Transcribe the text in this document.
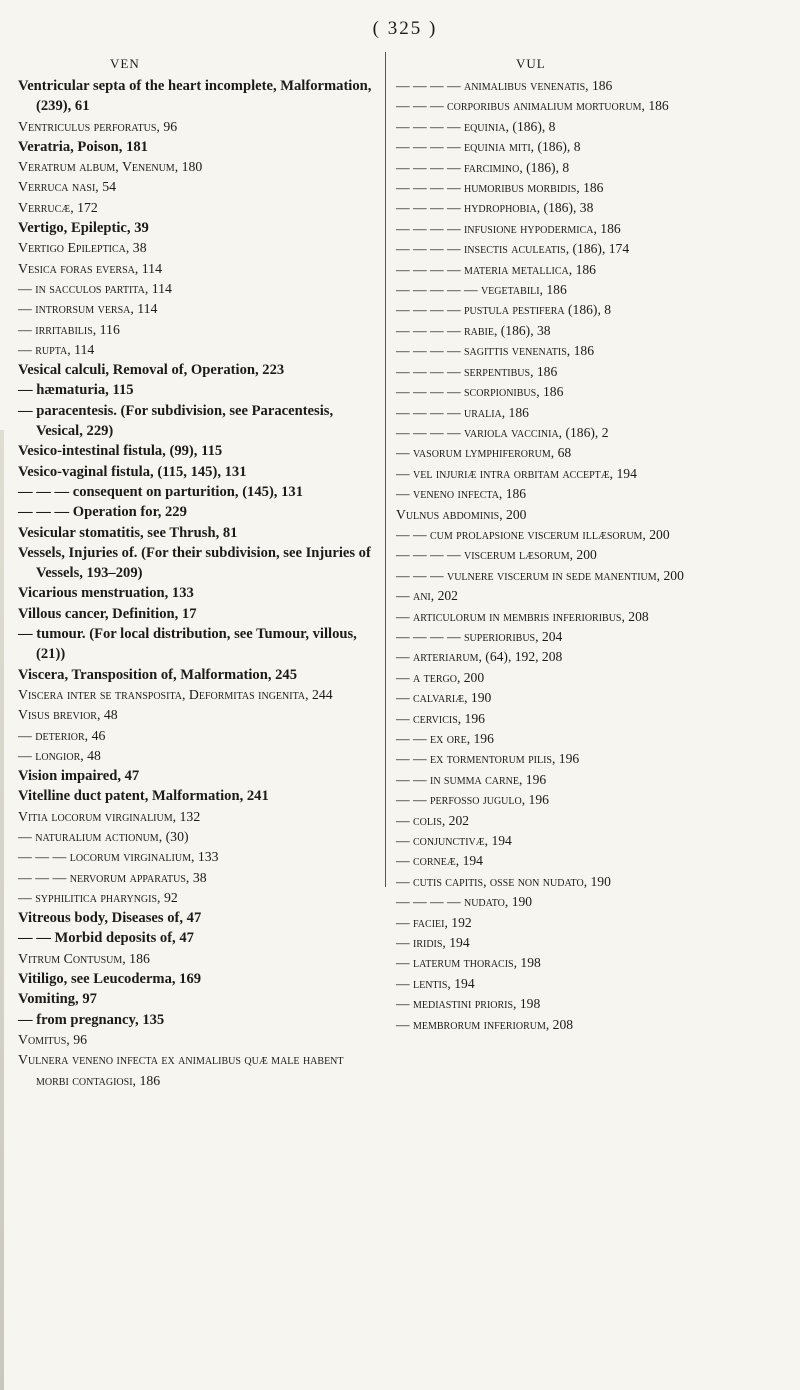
( 325 )
VEN
Ventricular septa of the heart incomplete, Malformation, (239), 61
Ventriculus perforatus, 96
Veratria, Poison, 181
Veratrum album, Venenum, 180
Verruca nasi, 54
Verrucæ, 172
Vertigo, Epileptic, 39
Vertigo Epileptica, 38
Vesica foras eversa, 114
— in sacculos partita, 114
— introrsum versa, 114
— irritabilis, 116
— rupta, 114
Vesical calculi, Removal of, Operation, 223
— hæmaturia, 115
— paracentesis. (For subdivision, see Paracentesis, Vesical, 229)
Vesico-intestinal fistula, (99), 115
Vesico-vaginal fistula, (115, 145), 131
— — — consequent on parturition, (145), 131
— — — Operation for, 229
Vesicular stomatitis, see Thrush, 81
Vessels, Injuries of. (For their subdivision, see Injuries of Vessels, 193–209)
Vicarious menstruation, 133
Villous cancer, Definition, 17
— tumour. (For local distribution, see Tumour, villous, (21))
Viscera, Transposition of, Malformation, 245
Viscera inter se transposita, Deformitas ingenita, 244
Visus brevior, 48
— deterior, 46
— longior, 48
Vision impaired, 47
Vitelline duct patent, Malformation, 241
Vitia locorum virginalium, 132
— naturalium actionum, (30)
— — — locorum virginalium, 133
— — — nervorum apparatus, 38
— syphilitica pharyngis, 92
Vitreous body, Diseases of, 47
— — Morbid deposits of, 47
Vitrum Contusum, 186
Vitiligo, see Leucoderma, 169
Vomiting, 97
— from pregnancy, 135
Vomitus, 96
Vulnera veneno infecta ex animalibus quæ male habent morbi contagiosi, 186
VUL
— — — — animalibus venenatis, 186
— — — corporibus animalium mortuorum, 186
— — — — equinia, (186), 8
— — — — equinia miti, (186), 8
— — — — farcimino, (186), 8
— — — — humoribus morbidis, 186
— — — — hydrophobia, (186), 38
— — — — infusione hypodermica, 186
— — — — insectis aculeatis, (186), 174
— — — — materia metallica, 186
— — — — — vegetabili, 186
— — — — pustula pestifera (186), 8
— — — — rabie, (186), 38
— — — — sagittis venenatis, 186
— — — — serpentibus, 186
— — — — scorpionibus, 186
— — — — uralia, 186
— — — — variola vaccinia, (186), 2
— vasorum lymphiferorum, 68
— vel injuriæ intra orbitam acceptæ, 194
— veneno infecta, 186
Vulnus abdominis, 200
— — cum prolapsione viscerum illæsorum, 200
— — — — viscerum læsorum, 200
— — — vulnere viscerum in sede manentium, 200
— ani, 202
— articulorum in membris inferioribus, 208
— — — — superioribus, 204
— arteriarum, (64), 192, 208
— a tergo, 200
— calvariæ, 190
— cervicis, 196
— — ex ore, 196
— — ex tormentorum pilis, 196
— — in summa carne, 196
— — perfosso jugulo, 196
— colis, 202
— conjunctivæ, 194
— corneæ, 194
— cutis capitis, osse non nudato, 190
— — — — nudato, 190
— faciei, 192
— iridis, 194
— laterum thoracis, 198
— lentis, 194
— mediastini prioris, 198
— membrorum inferiorum, 208
